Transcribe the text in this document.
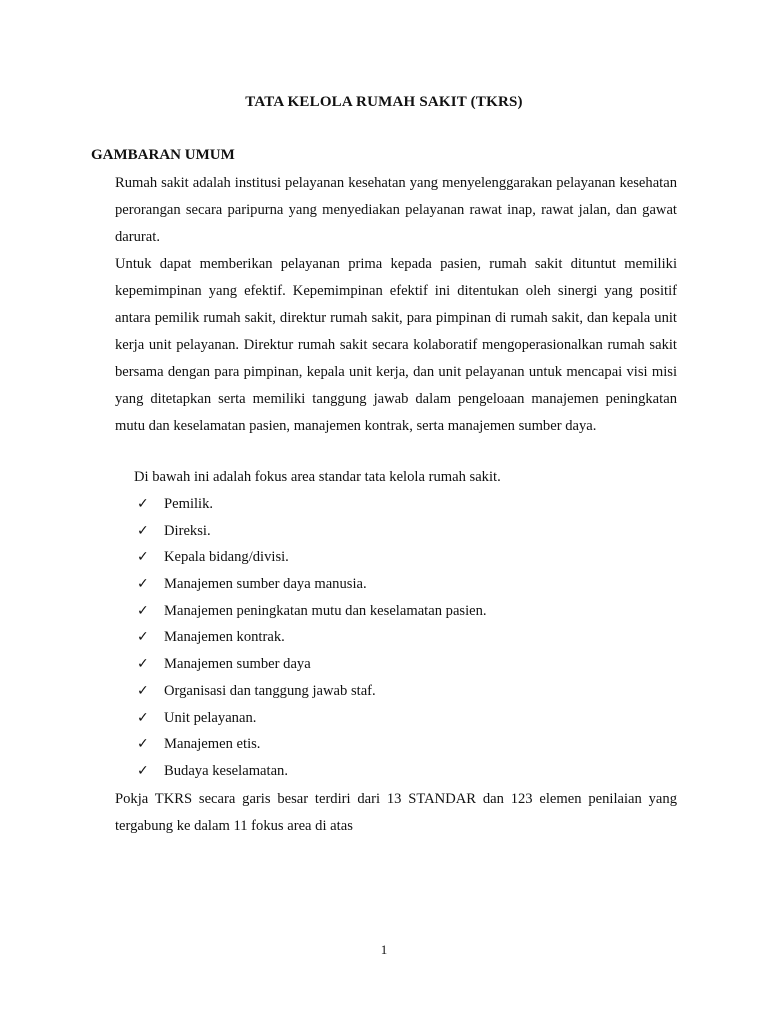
TATA KELOLA RUMAH SAKIT (TKRS)
GAMBARAN UMUM

Rumah sakit adalah institusi pelayanan kesehatan yang menyelenggarakan pelayanan kesehatan perorangan secara paripurna yang menyediakan pelayanan rawat inap, rawat jalan, dan gawat darurat.

Untuk dapat memberikan pelayanan prima kepada pasien, rumah sakit dituntut memiliki kepemimpinan yang efektif. Kepemimpinan efektif ini ditentukan oleh sinergi yang positif antara pemilik rumah sakit, direktur rumah sakit, para pimpinan di rumah sakit, dan kepala unit kerja unit pelayanan. Direktur rumah sakit secara kolaboratif mengoperasionalkan rumah sakit bersama dengan para pimpinan, kepala unit kerja, dan unit pelayanan untuk mencapai visi misi yang ditetapkan serta memiliki tanggung jawab dalam pengeloaan manajemen peningkatan mutu dan keselamatan pasien, manajemen kontrak, serta manajemen sumber daya.

Di bawah ini adalah fokus area standar tata kelola rumah sakit.

✓	Pemilik.
✓	Direksi.
✓	Kepala bidang/divisi.
✓	Manajemen sumber daya manusia.
✓	Manajemen peningkatan mutu dan keselamatan pasien.
✓	Manajemen kontrak.
✓	Manajemen sumber daya
✓	Organisasi dan tanggung jawab staf.
✓	Unit pelayanan.
✓	Manajemen etis.
✓	Budaya keselamatan.

Pokja TKRS secara garis besar terdiri dari 13 STANDAR dan 123 elemen penilaian yang tergabung ke dalam 11 fokus area di atas

1
